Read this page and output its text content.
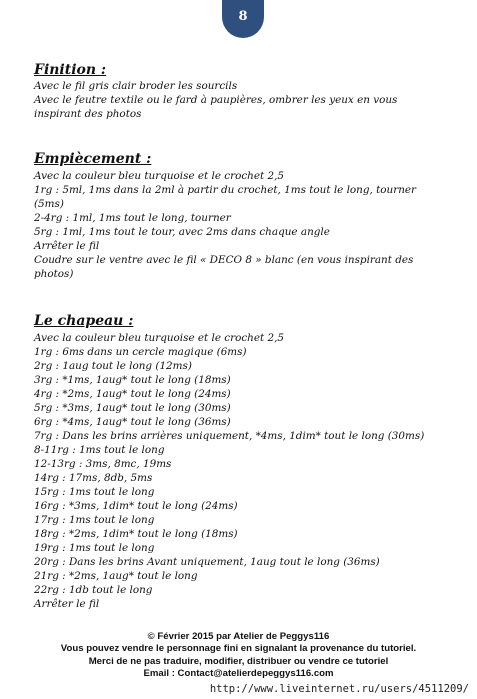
8
Finition :

Avec le fil gris clair broder les sourcils

Avec le feutre textile ou le fard à paupières, ombrer les yeux en vous

inspirant des photos

Empiècement :

Avec la couleur bleu turquoise et le crochet 2,5

1rg : 5ml, 1ms dans la 2ml à partir du crochet, 1ms tout le long, tourner

(5ms)

2-4rg : 1ml, 1ms tout le long, tourner

5rg : 1ml, 1ms tout le tour, avec 2ms dans chaque angle

Arrêter le fil

Coudre sur le ventre avec le fil « DECO 8 » blanc (en vous inspirant des

photos)

Le chapeau :

Avec la couleur bleu turquoise et le crochet 2,5

1rg : 6ms dans un cercle magique (6ms)

2rg : 1aug tout le long (12ms)

3rg : *1ms, 1aug* tout le long (18ms)

4rg : *2ms, 1aug* tout le long (24ms)

5rg : *3ms, 1aug* tout le long (30ms)

6rg : *4ms, 1aug* tout le long (36ms)

7rg : Dans les brins arrières uniquement, *4ms, 1dim* tout le long (30ms)

8-11rg : 1ms tout le long

12-13rg : 3ms, 8mc, 19ms

14rg : 17ms, 8db, 5ms

15rg : 1ms tout le long

16rg : *3ms, 1dim* tout le long (24ms)

17rg : 1ms tout le long

18rg : *2ms, 1dim* tout le long (18ms)

19rg : 1ms tout le long

20rg : Dans les brins Avant uniquement, 1aug tout le long (36ms)

21rg : *2ms, 1aug* tout le long

22rg : 1db tout le long

Arrêter le fil

© Février 2015 par Atelier de Peggys116
Vous pouvez vendre le personnage fini en signalant la provenance du tutoriel.
Merci de ne pas traduire, modifier, distribuer ou vendre ce tutoriel
Email : Contact@atelierdepeggys116.com
http://www.liveinternet.ru/users/4511209/
